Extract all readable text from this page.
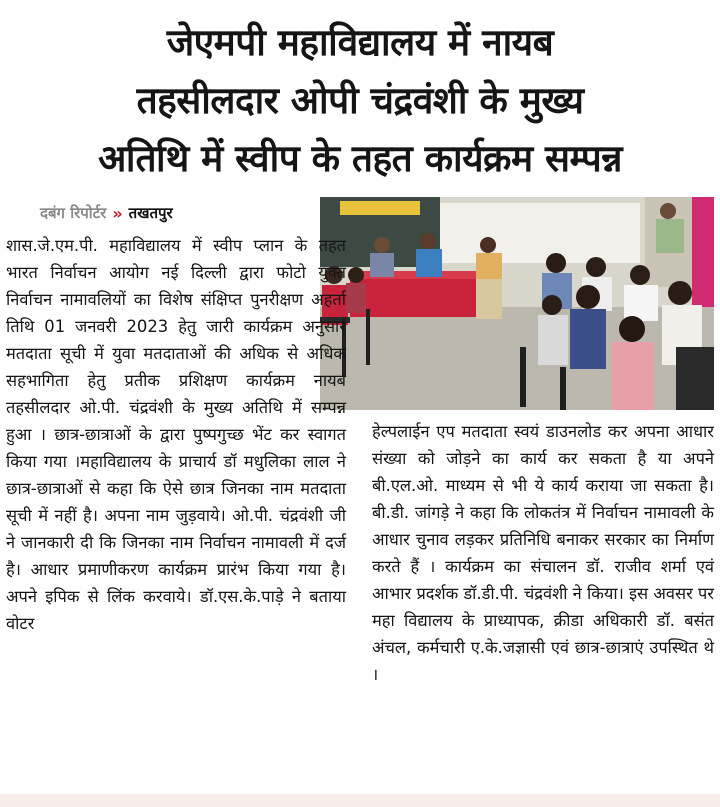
जेएमपी महाविद्यालय में नायब
तहसीलदार ओपी चंद्रवंशी के मुख्य
अतिथि में स्वीप के तहत कार्यक्रम सम्पन्न
दबंग रिपोर्टर » तखतपुर

शास.जे.एम.पी. महाविद्यालय में स्वीप प्लान के तहत भारत निर्वाचन आयोग नई दिल्ली द्वारा फोटो युक्त निर्वाचन नामावलियों का विशेष संक्षिप्त पुनरीक्षण अहर्ता तिथि 01 जनवरी 2023 हेतु जारी कार्यक्रम अनुसार मतदाता सूची में युवा मतदाताओं की अधिक से अधिक सहभागिता हेतु प्रतीक प्रशिक्षण कार्यक्रम नायब तहसीलदार ओ.पी. चंद्रवंशी के मुख्य अतिथि में सम्पन्न हुआ । छात्र-छात्राओं के द्वारा पुष्पगुच्छ भेंट कर स्वागत किया गया ।महाविद्यालय के प्राचार्य डॉ मधुलिका लाल ने छात्र-छात्राओं से कहा कि ऐसे छात्र जिनका नाम मतदाता सूची में नहीं है। अपना नाम जुड़वाये। ओ.पी. चंद्रवंशी जी ने जानकारी दी कि जिनका नाम निर्वाचन नामावली में दर्ज है। आधार प्रमाणीकरण कार्यक्रम प्रारंभ किया गया है। अपने इपिक से लिंक करवाये। डॉ.एस.के.पाड़े ने बताया वोटर

हेल्पलाईन एप मतदाता स्वयं डाउनलोड कर अपना आधार संख्या को जोड़ने का कार्य कर सकता है या अपने बी.एल.ओ. माध्यम से भी ये कार्य कराया जा सकता है। बी.डी. जांगड़े ने कहा कि लोकतंत्र में निर्वाचन नामावली के आधार चुनाव लड़कर प्रतिनिधि बनाकर सरकार का निर्माण करते हैं । कार्यक्रम का संचालन डॉ. राजीव शर्मा एवं आभार प्रदर्शक डॉ.डी.पी. चंद्रवंशी ने किया। इस अवसर पर महा विद्यालय के प्राध्यापक, क्रीडा अधिकारी डॉ. बसंत अंचल, कर्मचारी ए.के.जज्ञासी एवं छात्र-छात्राएं उपस्थित थे ।
